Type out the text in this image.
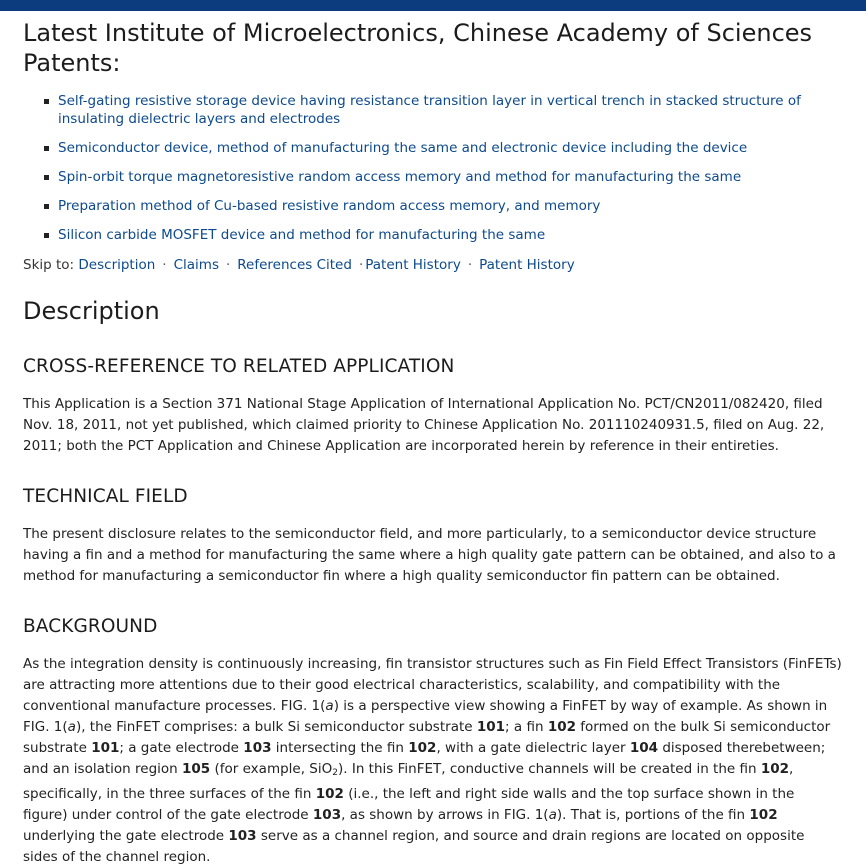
Latest Institute of Microelectronics, Chinese Academy of Sciences Patents:
Self-gating resistive storage device having resistance transition layer in vertical trench in stacked structure of insulating dielectric layers and electrodes
Semiconductor device, method of manufacturing the same and electronic device including the device
Spin-orbit torque magnetoresistive random access memory and method for manufacturing the same
Preparation method of Cu-based resistive random access memory, and memory
Silicon carbide MOSFET device and method for manufacturing the same
Skip to: Description · Claims · References Cited · Patent History · Patent History
Description
CROSS-REFERENCE TO RELATED APPLICATION

This Application is a Section 371 National Stage Application of International Application No. PCT/CN2011/082420, filed Nov. 18, 2011, not yet published, which claimed priority to Chinese Application No. 201110240931.5, filed on Aug. 22, 2011; both the PCT Application and Chinese Application are incorporated herein by reference in their entireties.

TECHNICAL FIELD

The present disclosure relates to the semiconductor field, and more particularly, to a semiconductor device structure having a fin and a method for manufacturing the same where a high quality gate pattern can be obtained, and also to a method for manufacturing a semiconductor fin where a high quality semiconductor fin pattern can be obtained.

BACKGROUND

As the integration density is continuously increasing, fin transistor structures such as Fin Field Effect Transistors (FinFETs) are attracting more attentions due to their good electrical characteristics, scalability, and compatibility with the conventional manufacture processes. FIG. 1(a) is a perspective view showing a FinFET by way of example. As shown in FIG. 1(a), the FinFET comprises: a bulk Si semiconductor substrate 101; a fin 102 formed on the bulk Si semiconductor substrate 101; a gate electrode 103 intersecting the fin 102, with a gate dielectric layer 104 disposed therebetween; and an isolation region 105 (for example, SiO$_2$). In this FinFET, conductive channels will be created in the fin 102, specifically, in the three surfaces of the fin 102 (i.e., the left and right side walls and the top surface shown in the figure) under control of the gate electrode 103, as shown by arrows in FIG. 1(a). That is, portions of the fin 102 underlying the gate electrode 103 serve as a channel region, and source and drain regions are located on opposite sides of the channel region.
